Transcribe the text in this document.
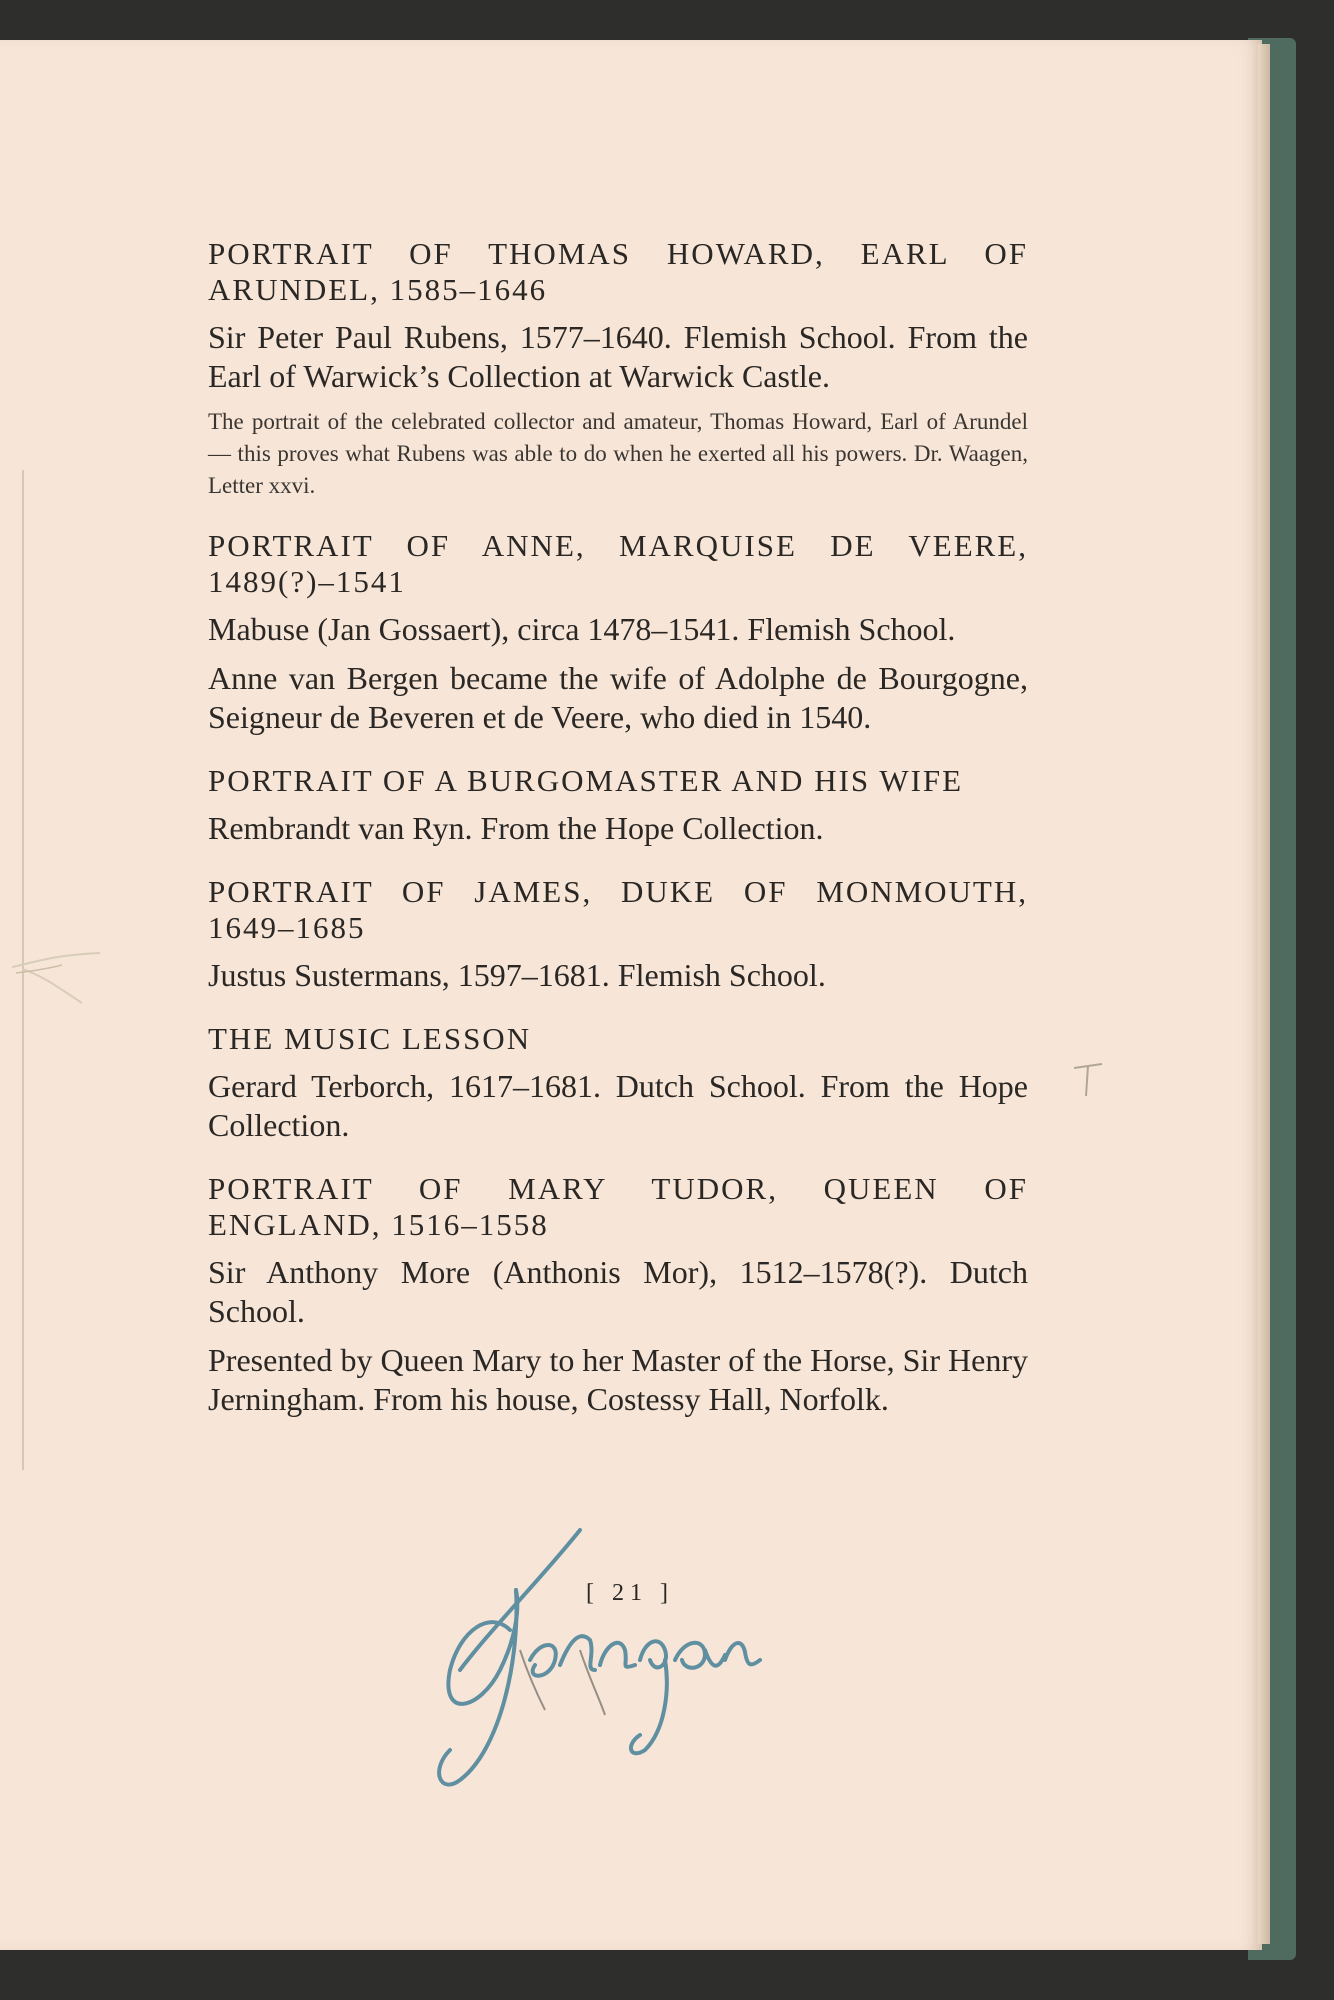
PORTRAIT OF THOMAS HOWARD, EARL OF ARUNDEL, 1585–1646

Sir Peter Paul Rubens, 1577–1640. Flemish School. From the Earl of Warwick’s Collection at Warwick Castle.

The portrait of the celebrated collector and amateur, Thomas Howard, Earl of Arundel — this proves what Rubens was able to do when he exerted all his powers. Dr. Waagen, Letter xxvi.

PORTRAIT OF ANNE, MARQUISE DE VEERE, 1489(?)–1541

Mabuse (Jan Gossaert), circa 1478–1541. Flemish School.

Anne van Bergen became the wife of Adolphe de Bourgogne, Seigneur de Beveren et de Veere, who died in 1540.

PORTRAIT OF A BURGOMASTER AND HIS WIFE

Rembrandt van Ryn. From the Hope Collection.

PORTRAIT OF JAMES, DUKE OF MONMOUTH, 1649–1685

Justus Sustermans, 1597–1681. Flemish School.

THE MUSIC LESSON

Gerard Terborch, 1617–1681. Dutch School. From the Hope Collection.

PORTRAIT OF MARY TUDOR, QUEEN OF ENGLAND, 1516–1558

Sir Anthony More (Anthonis Mor), 1512–1578(?). Dutch School.

Presented by Queen Mary to her Master of the Horse, Sir Henry Jerningham. From his house, Costessy Hall, Norfolk.

[ 21 ]
